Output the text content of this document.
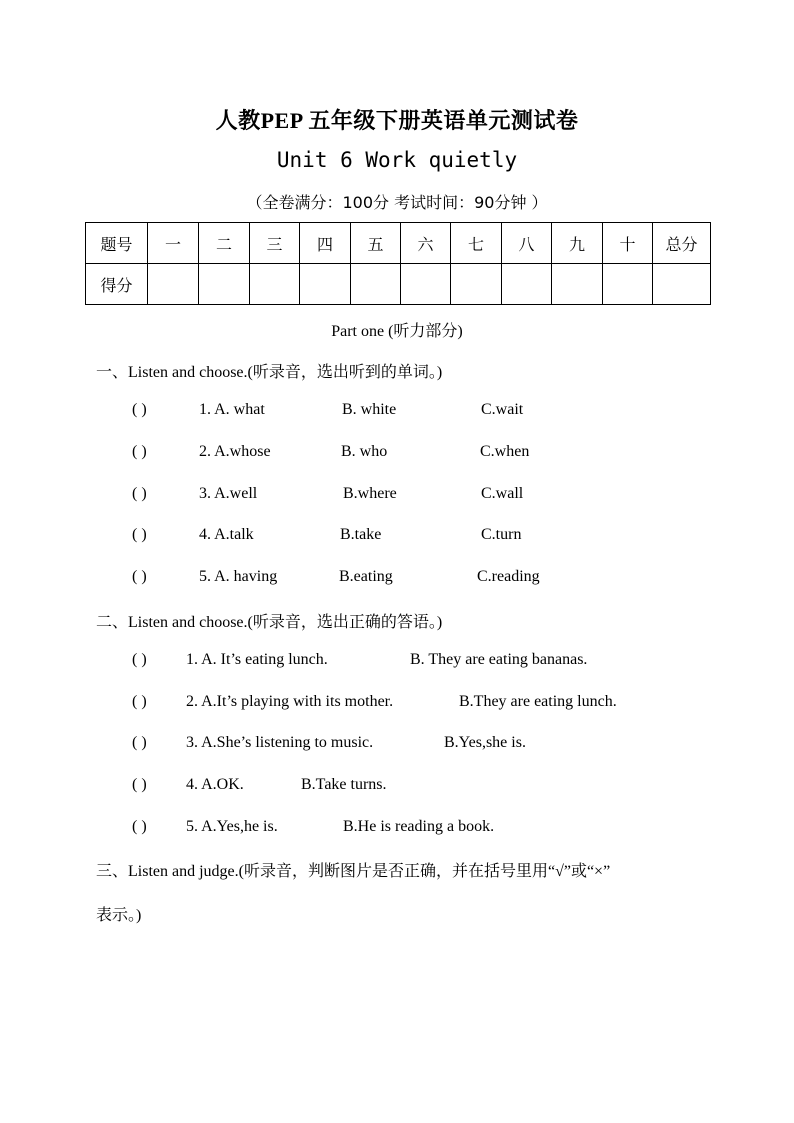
人教PEP 五年级下册英语单元测试卷
Unit 6 Work quietly
（全卷满分：100分 考试时间：90分钟 ）
题号	一	二	三	四	五	六	七	八	九	十	总分
得分											
Part one (听力部分)
一、Listen and choose.(听录音，选出听到的单词。)
( )	1. A. what	B. white	C.wait
( )	2. A.whose	B. who	C.when
( )	3. A.well	B.where	C.wall
( )	4. A.talk	B.take	C.turn
( )	5. A. having	B.eating	C.reading
二、Listen and choose.(听录音，选出正确的答语。)
( ) 1. A. It’s eating lunch.	B. They are eating bananas.
( ) 2. A.It’s playing with its mother.	B.They are eating lunch.
( ) 3. A.She’s listening to music.	B.Yes,she is.
( ) 4. A.OK.	B.Take turns.
( ) 5. A.Yes,he is.	B.He is reading a book.
三、Listen and judge.(听录音，判断图片是否正确，并在括号里用“√”或“×”
表示。)
